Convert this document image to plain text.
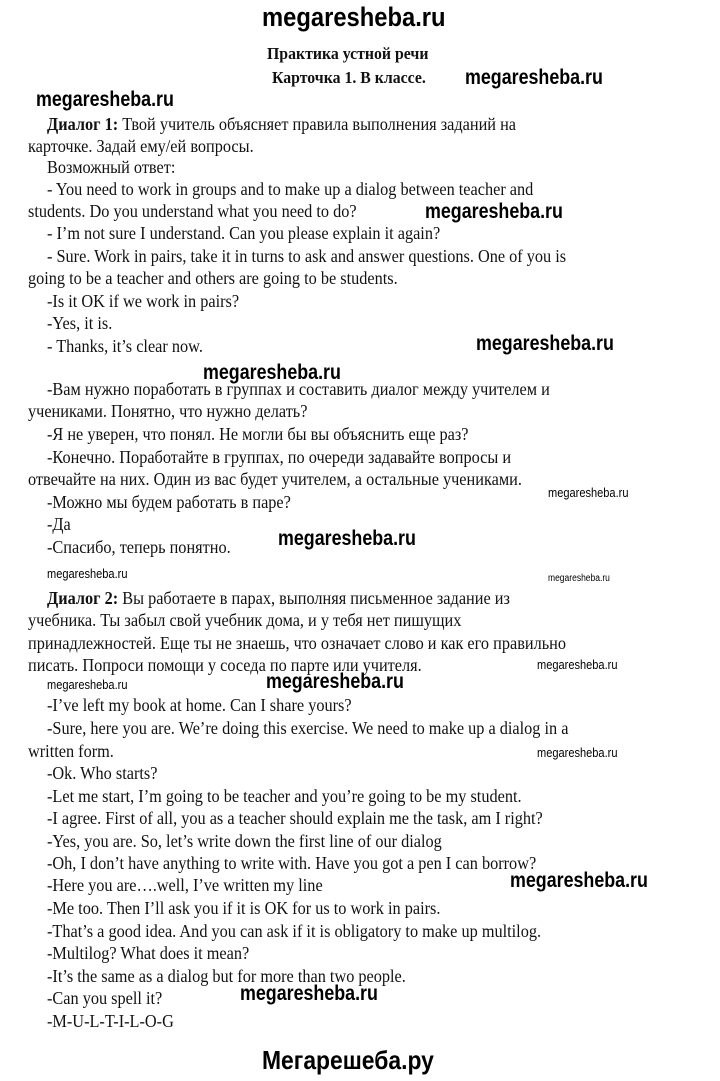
megaresheba.ru
Практика устной речи
Карточка 1. В классе. megaresheba.ru
megaresheba.ru
Диалог 1: Твой учитель объясняет правила выполнения заданий на
карточке. Задай ему/ей вопросы.
Возможный ответ:
- You need to work in groups and to make up a dialog between teacher and
students. Do you understand what you need to do?	megaresheba.ru
- I’m not sure I understand. Can you please explain it again?
- Sure. Work in pairs, take it in turns to ask and answer questions. One of you is
going to be a teacher and others are going to be students.
-Is it OK if we work in pairs?
-Yes, it is.
- Thanks, it’s clear now.	megaresheba.ru
megaresheba.ru
-Вам нужно поработать в группах и составить диалог между учителем и
учениками. Понятно, что нужно делать?
-Я не уверен, что понял. Не могли бы вы объяснить еще раз?
-Конечно. Поработайте в группах, по очереди задавайте вопросы и
отвечайте на них. Один из вас будет учителем, а остальные учениками.
megaresheba.ru
-Можно мы будем работать в паре?
-Да
-Спасибо, теперь понятно. megaresheba.ru
megaresheba.ru	megaresheba.ru
Диалог 2: Вы работаете в парах, выполняя письменное задание из
учебника. Ты забыл свой учебник дома, и у тебя нет пишущих
принадлежностей. Еще ты не знаешь, что означает слово и как его правильно
писать. Попроси помощи у соседа по парте или учителя.	megaresheba.ru
megaresheba.ru	megaresheba.ru
-I’ve left my book at home. Can I share yours?
-Sure, here you are. We’re doing this exercise. We need to make up a dialog in a
written form.	megaresheba.ru
-Ok. Who starts?
-Let me start, I’m going to be teacher and you’re going to be my student.
-I agree. First of all, you as a teacher should explain me the task, am I right?
-Yes, you are. So, let’s write down the first line of our dialog
-Oh, I don’t have anything to write with. Have you got a pen I can borrow?
-Here you are….well, I’ve written my line	megaresheba.ru
-Me too. Then I’ll ask you if it is OK for us to work in pairs.
-That’s a good idea. And you can ask if it is obligatory to make up multilog.
-Multilog? What does it mean?
-It’s the same as a dialog but for more than two people.
-Can you spell it?	megaresheba.ru
-M-U-L-T-I-L-O-G
Мегарешеба.ру
